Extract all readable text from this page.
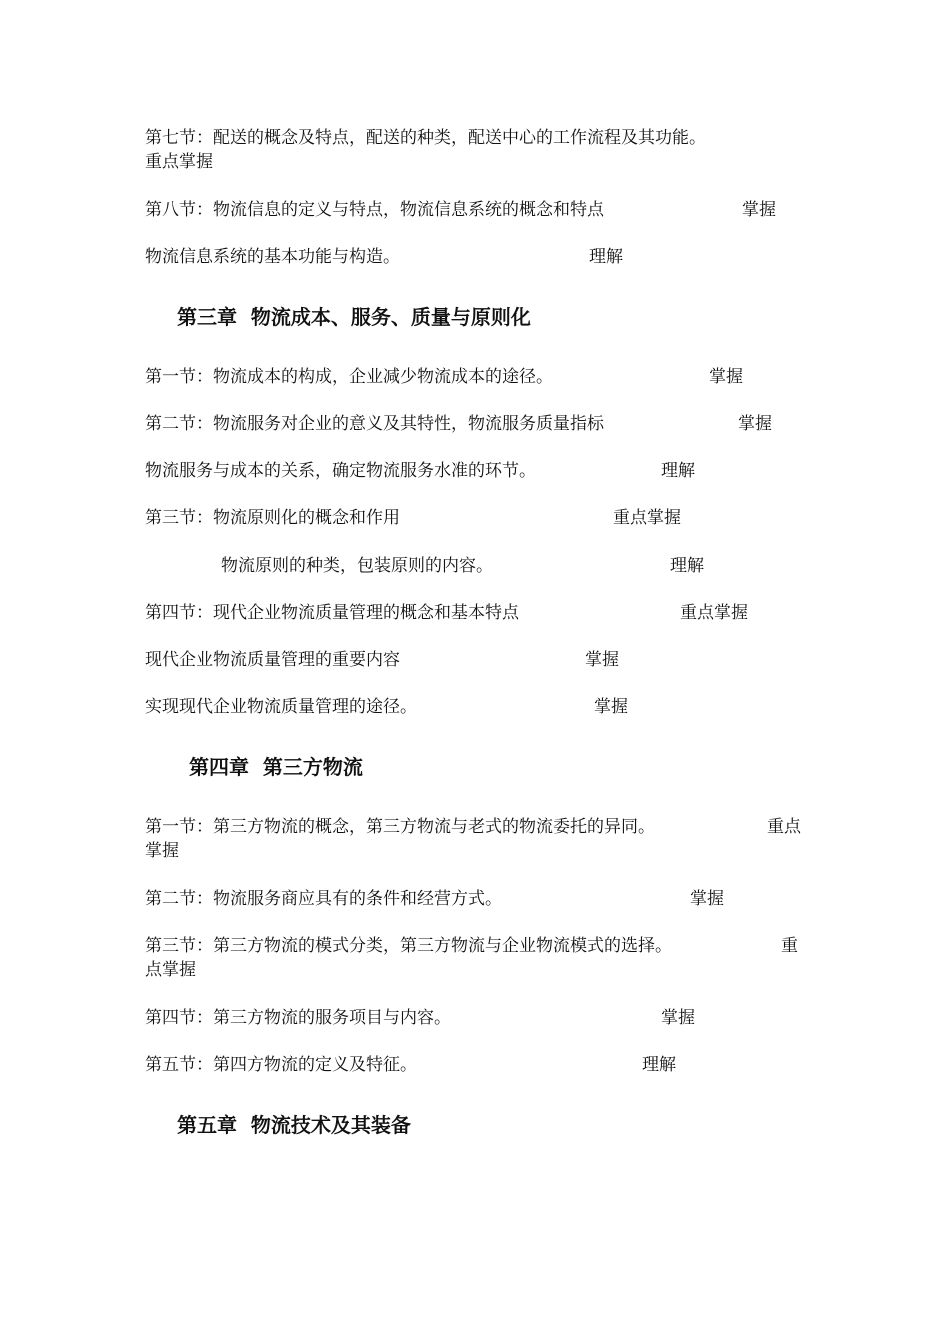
第七节：配送的概念及特点，配送的种类，配送中心的工作流程及其功能。
重点掌握
第八节：物流信息的定义与特点，物流信息系统的概念和特点	掌握
物流信息系统的基本功能与构造。	理解
第三章  物流成本、服务、质量与原则化
第一节：物流成本的构成，企业减少物流成本的途径。	掌握
第二节：物流服务对企业的意义及其特性，物流服务质量指标	掌握
物流服务与成本的关系，确定物流服务水准的环节。	理解
第三节：物流原则化的概念和作用	重点掌握
物流原则的种类，包装原则的内容。	理解
第四节：现代企业物流质量管理的概念和基本特点	重点掌握
现代企业物流质量管理的重要内容	掌握
实现现代企业物流质量管理的途径。	掌握
第四章  第三方物流
第一节：第三方物流的概念，第三方物流与老式的物流委托的异同。	重点
掌握
第二节：物流服务商应具有的条件和经营方式。	掌握
第三节：第三方物流的模式分类，第三方物流与企业物流模式的选择。	重
点掌握
第四节：第三方物流的服务项目与内容。	掌握
第五节：第四方物流的定义及特征。	理解
第五章  物流技术及其装备
